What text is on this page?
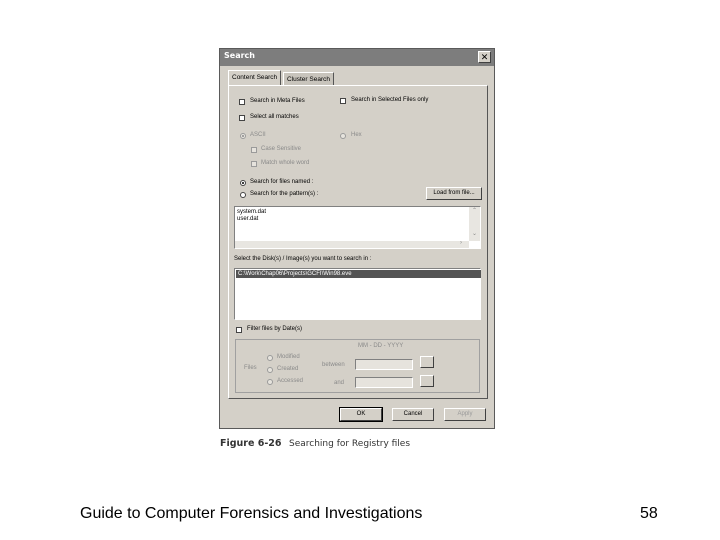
Search	✕
Content Search	Cluster Search
Search in Meta Files	Search in Selected Files only
Select all matches
ASCII	Hex
Case Sensitive
Match whole word
Search for files named :
Search for the pattern(s) :	Load from file...
system.dat
user.dat
⌃
⌄
›
Select the Disk(s) / Image(s) you want to search in :
C:\Work\Chap06\Projects\GCFI\Win98.eve
Filter files by Date(s)
MM - DD - YYYY
Files
Modified
Created
Accessed
between
and
OK	Cancel	Apply
Figure 6-26 Searching for Registry files
Guide to Computer Forensics and Investigations	58
